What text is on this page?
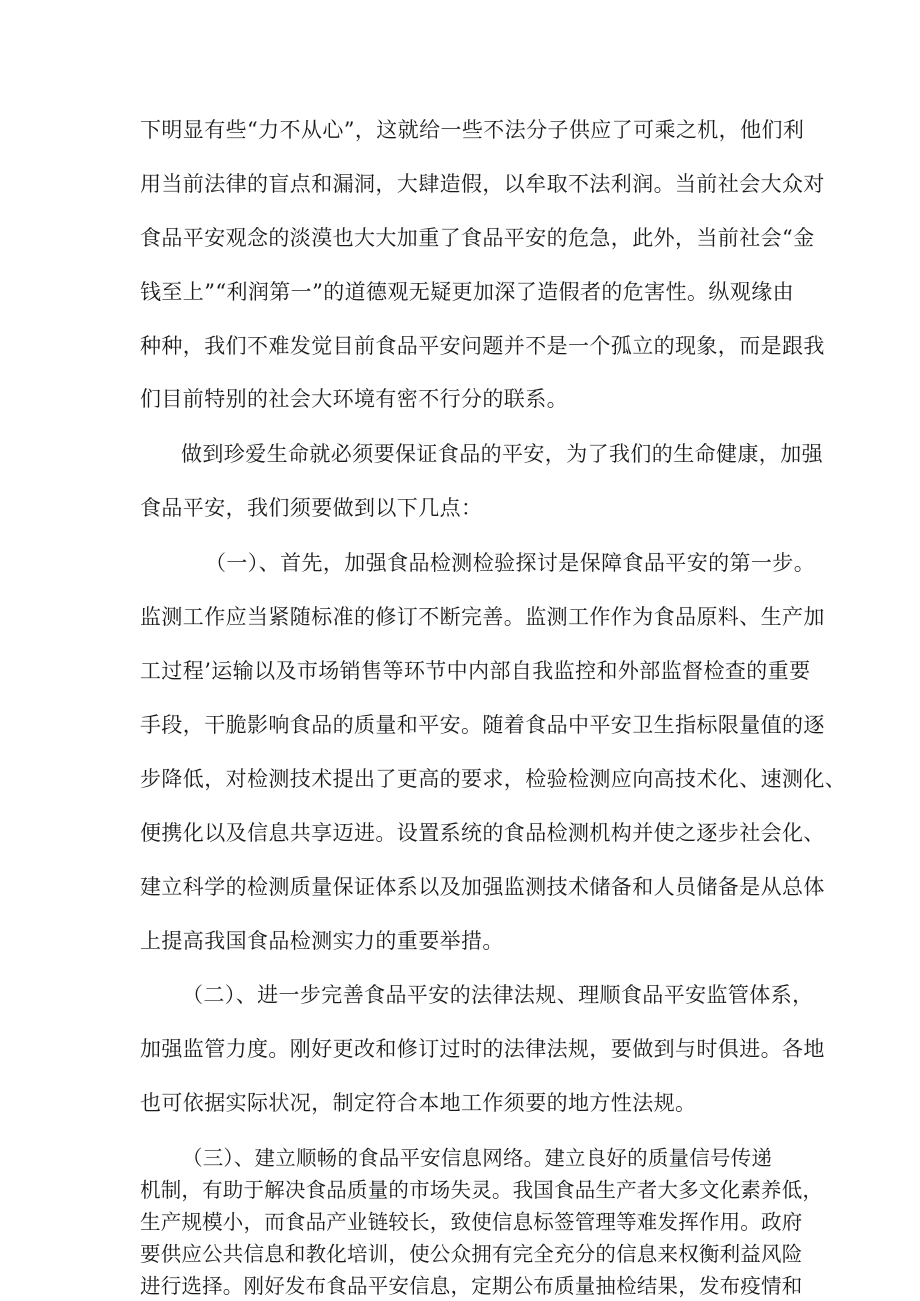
下明显有些“力不从心”，这就给一些不法分子供应了可乘之机，他们利
用当前法律的盲点和漏洞，大肆造假，以牟取不法利润。当前社会大众对
食品平安观念的淡漠也大大加重了食品平安的危急，此外，当前社会“金
钱至上”“利润第一”的道德观无疑更加深了造假者的危害性。纵观缘由
种种，我们不难发觉目前食品平安问题并不是一个孤立的现象，而是跟我
们目前特别的社会大环境有密不行分的联系。
做到珍爱生命就必须要保证食品的平安，为了我们的生命健康，加强
食品平安，我们须要做到以下几点：
（一）、首先，加强食品检测检验探讨是保障食品平安的第一步。
监测工作应当紧随标准的修订不断完善。监测工作作为食品原料、生产加
工过程’运输以及市场销售等环节中内部自我监控和外部监督检查的重要
手段，干脆影响食品的质量和平安。随着食品中平安卫生指标限量值的逐
步降低，对检测技术提出了更高的要求，检验检测应向高技术化、速测化、
便携化以及信息共享迈进。设置系统的食品检测机构并使之逐步社会化、
建立科学的检测质量保证体系以及加强监测技术储备和人员储备是从总体
上提高我国食品检测实力的重要举措。
（二）、进一步完善食品平安的法律法规、理顺食品平安监管体系，
加强监管力度。刚好更改和修订过时的法律法规，要做到与时俱进。各地
也可依据实际状况，制定符合本地工作须要的地方性法规。
（三）、建立顺畅的食品平安信息网络。建立良好的质量信号传递
机制，有助于解决食品质量的市场失灵。我国食品生产者大多文化素养低，
生产规模小，而食品产业链较长，致使信息标签管理等难发挥作用。政府
要供应公共信息和教化培训，使公众拥有完全充分的信息来权衡利益风险
进行选择。刚好发布食品平安信息，定期公布质量抽检结果，发布疫情和
